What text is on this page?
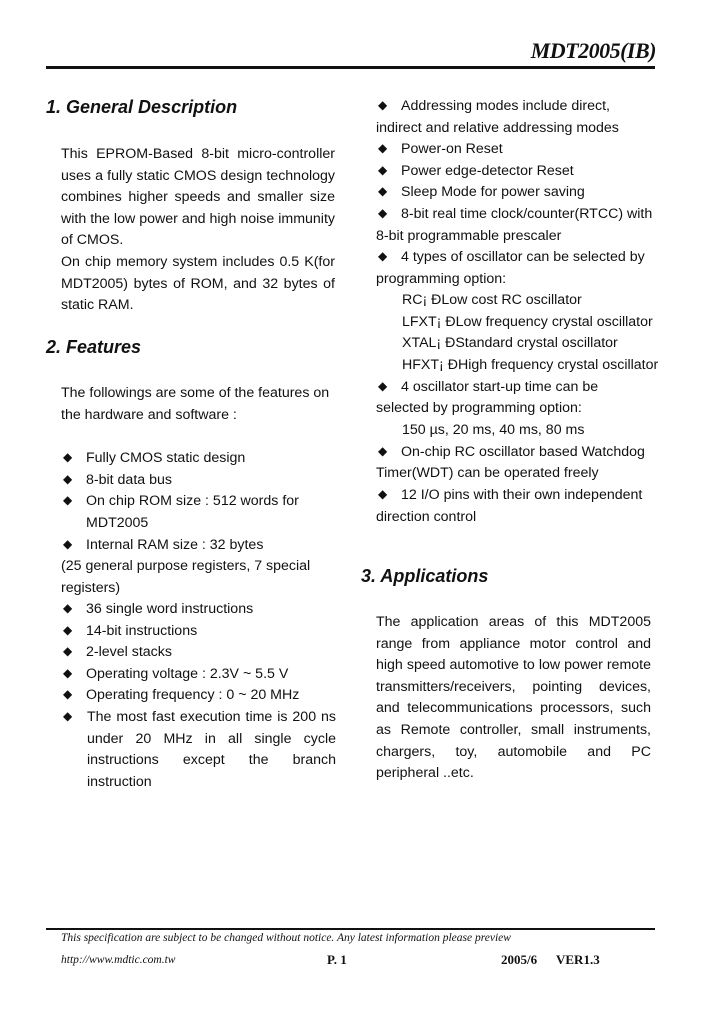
MDT2005(IB)
1. General Description
This EPROM-Based 8-bit micro-controller
uses a fully static CMOS design technology
combines higher speeds and smaller size
with the low power and high noise immunity
of CMOS.
On chip memory system includes 0.5 K(for
MDT2005) bytes of ROM, and 32 bytes of
static RAM.
2. Features
The followings are some of the features on
the hardware and software :
◆ Fully CMOS static design
◆ 8-bit data bus
◆ On chip ROM size : 512 words for
MDT2005
◆ Internal RAM size : 32 bytes
(25 general purpose registers, 7 special
registers)
◆ 36 single word instructions
◆ 14-bit instructions
◆ 2-level stacks
◆ Operating voltage : 2.3V ~ 5.5 V
◆ Operating frequency : 0 ~ 20 MHz
◆ The most fast execution time is 200 ns
under 20 MHz in all single cycle
instructions except the branch
instruction
◆ Addressing modes include direct,
indirect and relative addressing modes
◆ Power-on Reset
◆ Power edge-detector Reset
◆ Sleep Mode for power saving
◆ 8-bit real time clock/counter(RTCC) with
8-bit programmable prescaler
◆ 4 types of oscillator can be selected by
programming option:
RC¡ ÐLow cost RC oscillator
LFXT¡ ÐLow frequency crystal oscillator
XTAL¡ ÐStandard crystal oscillator
HFXT¡ ÐHigh frequency crystal oscillator
◆ 4 oscillator start-up time can be
selected by programming option:
150 µs, 20 ms, 40 ms, 80 ms
◆ On-chip RC oscillator based Watchdog
Timer(WDT) can be operated freely
◆ 12 I/O pins with their own independent
direction control
3. Applications
The application areas of this MDT2005
range from appliance motor control and
high speed automotive to low power remote
transmitters/receivers, pointing devices,
and telecommunications processors, such
as Remote controller, small instruments,
chargers, toy, automobile and PC
peripheral ..etc.
This specification are subject to be changed without notice. Any latest information please preview
http://www.mdtic.com.tw	P. 1	2005/6 VER1.3
